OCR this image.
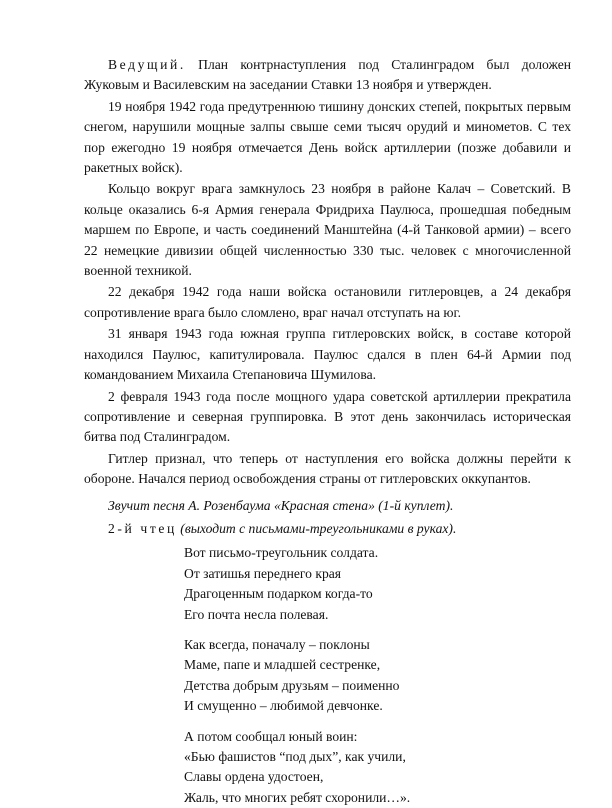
Ведущий. План контрнаступления под Сталинградом был доложен Жуковым и Василевским на заседании Ставки 13 ноября и утвержден.

19 ноября 1942 года предутреннюю тишину донских степей, покрытых первым снегом, нарушили мощные залпы свыше семи тысяч орудий и минометов. С тех пор ежегодно 19 ноября отмечается День войск артиллерии (позже добавили и ракетных войск).

Кольцо вокруг врага замкнулось 23 ноября в районе Калач – Советский. В кольце оказались 6-я Армия генерала Фридриха Паулюса, прошедшая победным маршем по Европе, и часть соединений Манштейна (4-й Танковой армии) – всего 22 немецкие дивизии общей численностью 330 тыс. человек с многочисленной военной техникой.

22 декабря 1942 года наши войска остановили гитлеровцев, а 24 декабря сопротивление врага было сломлено, враг начал отступать на юг.

31 января 1943 года южная группа гитлеровских войск, в составе которой находился Паулюс, капитулировала. Паулюс сдался в плен 64-й Армии под командованием Михаила Степановича Шумилова.

2 февраля 1943 года после мощного удара советской артиллерии прекратила сопротивление и северная группировка. В этот день закончилась историческая битва под Сталинградом.

Гитлер признал, что теперь от наступления его войска должны перейти к обороне. Начался период освобождения страны от гитлеровских оккупантов.

Звучит песня А. Розенбаума «Красная стена» (1-й куплет).

2-й чтец (выходит с письмами-треугольниками в руках).

Вот письмо-треугольник солдата.
От затишья переднего края
Драгоценным подарком когда-то
Его почта несла полевая.
Как всегда, поначалу – поклоны
Маме, папе и младшей сестренке,
Детства добрым друзьям – поименно
И смущенно – любимой девчонке.
А потом сообщал юный воин:
«Бью фашистов “под дых”, как учили,
Славы ордена удостоен,
Жаль, что многих ребят схоронили…».
